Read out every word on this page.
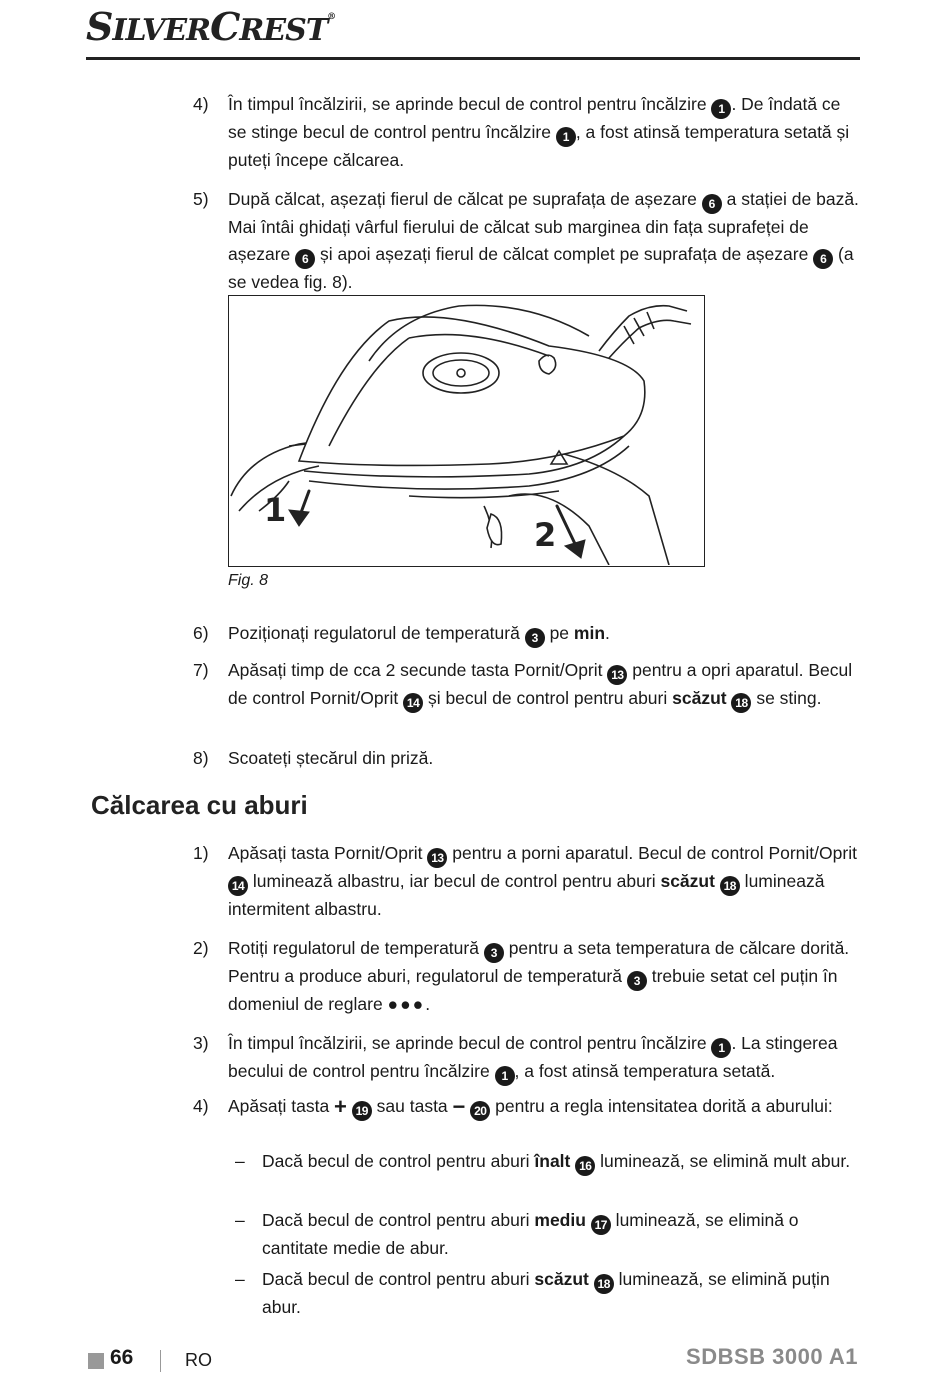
SILVERCREST®
4) În timpul încălzirii, se aprinde becul de control pentru încălzire 1 . De îndată ce se stinge becul de control pentru încălzire 1 , a fost atinsă temperatura setată și puteți începe călcarea.
5) După călcat, așezați fierul de călcat pe suprafața de așezare 6 a stației de bază. Mai întâi ghidați vârful fierului de călcat sub marginea din fața suprafeței de așezare 6 și apoi așezați fierul de călcat complet pe suprafața de așezare 6 (a se vedea fig. 8).
1
2
Fig. 8
6) Poziționați regulatorul de temperatură 3 pe min.
7) Apăsați timp de cca 2 secunde tasta Pornit/Oprit 13 pentru a opri aparatul. Becul de control Pornit/Oprit 14 și becul de control pentru aburi scăzut 18 se sting.
8) Scoateți ștecărul din priză.
Călcarea cu aburi
1) Apăsați tasta Pornit/Oprit 13 pentru a porni aparatul. Becul de control Pornit/Oprit 14 luminează albastru, iar becul de control pentru aburi scăzut 18 luminează intermitent albastru.
2) Rotiți regulatorul de temperatură 3 pentru a seta temperatura de călcare dorită. Pentru a produce aburi, regulatorul de temperatură 3 trebuie setat cel puțin în domeniul de reglare ●●●.
3) În timpul încălzirii, se aprinde becul de control pentru încălzire 1 . La stingerea becului de control pentru încălzire 1 , a fost atinsă temperatura setată.
4) Apăsați tasta + 19 sau tasta − 20 pentru a regla intensitatea dorită a aburului:
– Dacă becul de control pentru aburi înalt 16 luminează, se elimină mult abur.
– Dacă becul de control pentru aburi mediu 17 luminează, se elimină o cantitate medie de abur.
– Dacă becul de control pentru aburi scăzut 18 luminează, se elimină puțin abur.
66	RO	SDBSB 3000 A1
